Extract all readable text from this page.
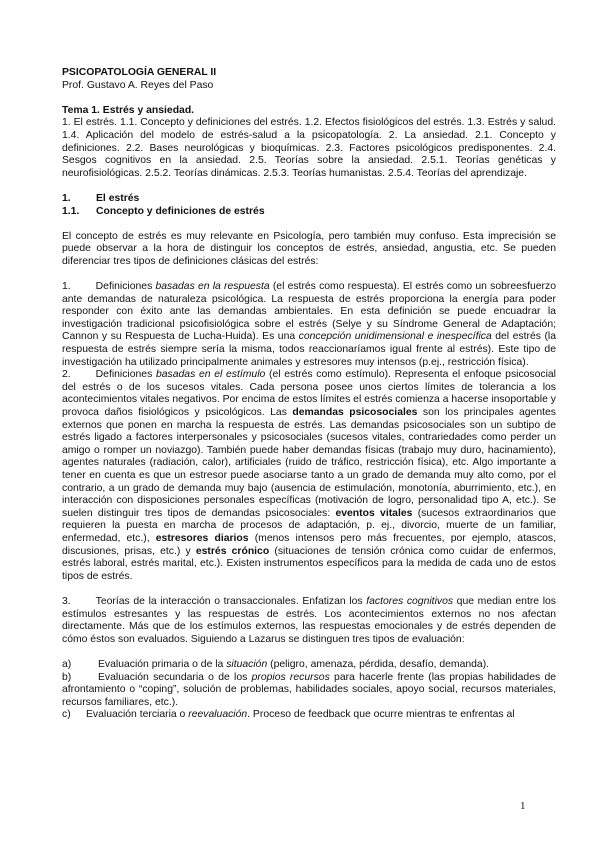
PSICOPATOLOGÍA GENERAL II

Prof. Gustavo A. Reyes del Paso

Tema 1. Estrés y ansiedad.

1. El estrés. 1.1. Concepto y definiciones del estrés. 1.2. Efectos fisiológicos del estrés. 1.3. Estrés y salud. 1.4. Aplicación del modelo de estrés-salud a la psicopatología. 2. La ansiedad. 2.1. Concepto y definiciones. 2.2. Bases neurológicas y bioquímicas. 2.3. Factores psicológicos predisponentes. 2.4. Sesgos cognitivos en la ansiedad. 2.5. Teorías sobre la ansiedad. 2.5.1. Teorías genéticas y neurofisiológicas. 2.5.2. Teorías dinámicas. 2.5.3. Teorías humanistas. 2.5.4. Teorías del aprendizaje.

1.	El estrés
1.1.	Concepto y definiciones de estrés

El concepto de estrés es muy relevante en Psicología, pero también muy confuso. Esta imprecisión se puede observar a la hora de distinguir los conceptos de estrés, ansiedad, angustia, etc. Se pueden diferenciar tres tipos de definiciones clásicas del estrés:

1. Definiciones basadas en la respuesta (el estrés como respuesta). El estrés como un sobreesfuerzo ante demandas de naturaleza psicológica. La respuesta de estrés proporciona la energía para poder responder con éxito ante las demandas ambientales. En esta definición se puede encuadrar la investigación tradicional psicofisiológica sobre el estrés (Selye y su Síndrome General de Adaptación; Cannon y su Respuesta de Lucha-Huida). Es una concepción unidimensional e inespecífica del estrés (la respuesta de estrés siempre sería la misma, todos reaccionaríamos igual frente al estrés). Este tipo de investigación ha utilizado principalmente animales y estresores muy intensos (p.ej., restricción física).

2. Definiciones basadas en el estímulo (el estrés como estímulo). Representa el enfoque psicosocial del estrés o de los sucesos vitales. Cada persona posee unos ciertos límites de tolerancia a los acontecimientos vitales negativos. Por encima de estos límites el estrés comienza a hacerse insoportable y provoca daños fisiológicos y psicológicos. Las demandas psicosociales son los principales agentes externos que ponen en marcha la respuesta de estrés. Las demandas psicosociales son un subtipo de estrés ligado a factores interpersonales y psicosociales (sucesos vitales, contrariedades como perder un amigo o romper un noviazgo). También puede haber demandas físicas (trabajo muy duro, hacinamiento), agentes naturales (radiación, calor), artificiales (ruido de tráfico, restricción física), etc. Algo importante a tener en cuenta es que un estresor puede asociarse tanto a un grado de demanda muy alto como, por el contrario, a un grado de demanda muy bajo (ausencia de estimulación, monotonía, aburrimiento, etc.), en interacción con disposiciones personales específicas (motivación de logro, personalidad tipo A, etc.). Se suelen distinguir tres tipos de demandas psicosociales: eventos vitales (sucesos extraordinarios que requieren la puesta en marcha de procesos de adaptación, p. ej., divorcio, muerte de un familiar, enfermedad, etc.), estresores diarios (menos intensos pero más frecuentes, por ejemplo, atascos, discusiones, prisas, etc.) y estrés crónico (situaciones de tensión crónica como cuidar de enfermos, estrés laboral, estrés marital, etc.). Existen instrumentos específicos para la medida de cada uno de estos tipos de estrés.

3. Teorías de la interacción o transaccionales. Enfatizan los factores cognitivos que median entre los estímulos estresantes y las respuestas de estrés. Los acontecimientos externos no nos afectan directamente. Más que de los estímulos externos, las respuestas emocionales y de estrés dependen de cómo éstos son evaluados. Siguiendo a Lazarus se distinguen tres tipos de evaluación:

a)	Evaluación primaria o de la situación (peligro, amenaza, pérdida, desafío, demanda).
b)	Evaluación secundaria o de los propios recursos para hacerle frente (las propias habilidades de afrontamiento o “coping”, solución de problemas, habilidades sociales, apoyo social, recursos materiales, recursos familiares, etc.).
c)	Evaluación terciaria o reevaluación. Proceso de feedback que ocurre mientras te enfrentas al
1
